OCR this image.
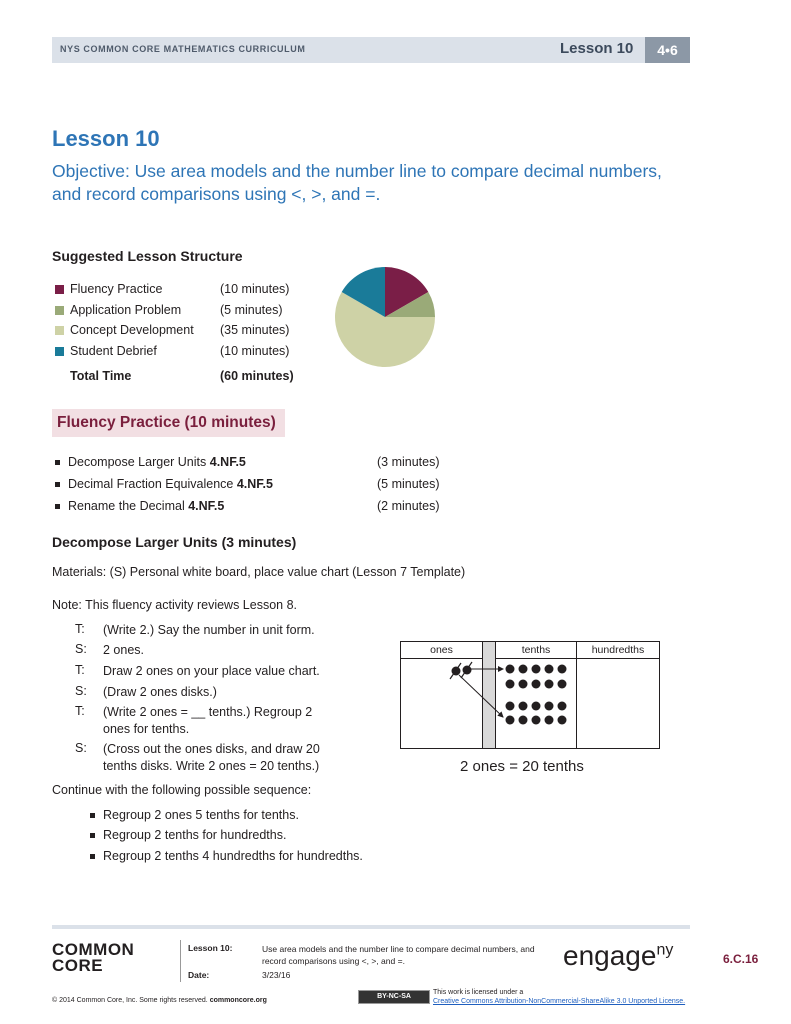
NYS COMMON CORE MATHEMATICS CURRICULUM	Lesson 10	4•6
Lesson 10
Objective: Use area models and the number line to compare decimal numbers, and record comparisons using <, >, and =.
Suggested Lesson Structure
Fluency Practice	(10 minutes)
Application Problem	(5 minutes)
Concept Development (35 minutes)
Student Debrief	(10 minutes)
Total Time	(60 minutes)
Fluency Practice (10 minutes)
Decompose Larger Units 4.NF.5	(3 minutes)
Decimal Fraction Equivalence 4.NF.5	(5 minutes)
Rename the Decimal 4.NF.5	(2 minutes)
Decompose Larger Units (3 minutes)
Materials: (S) Personal white board, place value chart (Lesson 7 Template)
Note: This fluency activity reviews Lesson 8.
T: (Write 2.) Say the number in unit form.
S: 2 ones.
T: Draw 2 ones on your place value chart.
S: (Draw 2 ones disks.)
T: (Write 2 ones = __ tenths.) Regroup 2 ones for tenths.
S: (Cross out the ones disks, and draw 20 tenths disks. Write 2 ones = 20 tenths.)
Continue with the following possible sequence:
Regroup 2 ones 5 tenths for tenths.
Regroup 2 tenths for hundredths.
Regroup 2 tenths 4 hundredths for hundredths.
ones	tenths	hundredths
2 ones = 20 tenths
COMMON CORE
Lesson 10:	Use area models and the number line to compare decimal numbers, and record comparisons using <, >, and =.
Date:	3/23/16
engage$^{ny}$
6.C.16
© 2014 Common Core, Inc. Some rights reserved. commoncore.org
BY-NC-SA
This work is licensed under a
Creative Commons Attribution-NonCommercial-ShareAlike 3.0 Unported License.
